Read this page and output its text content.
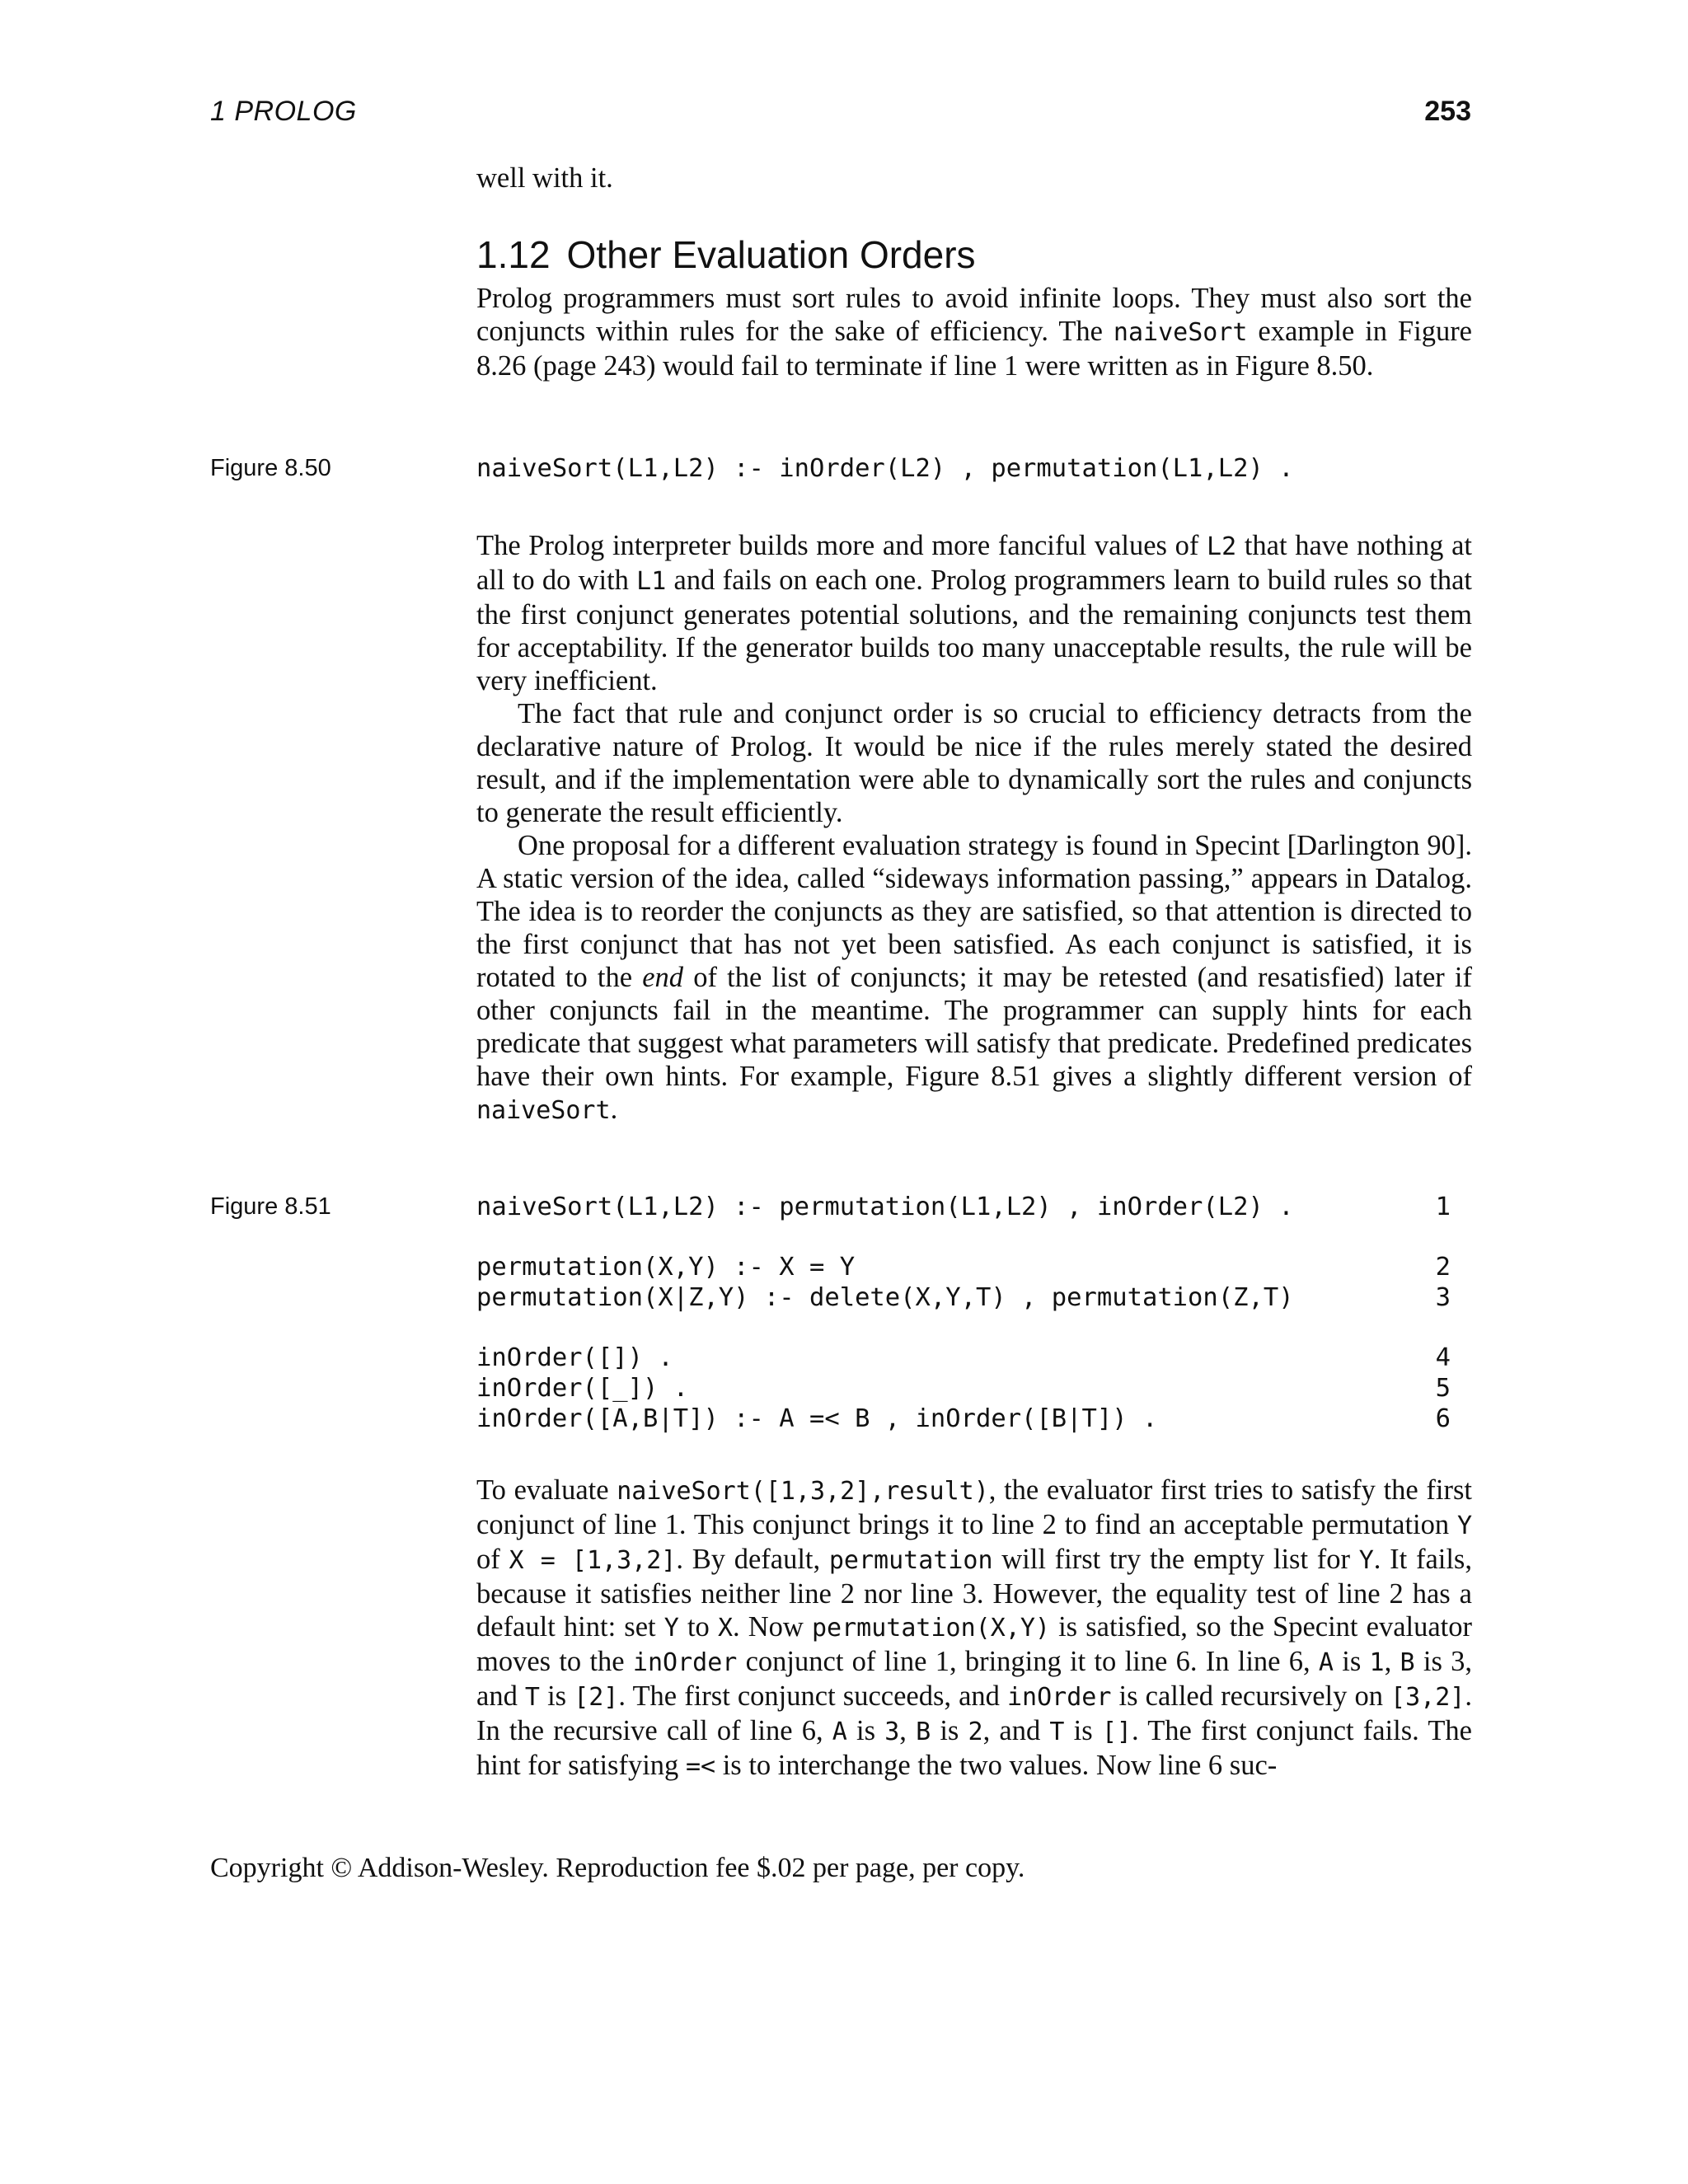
1 PROLOG	253

well with it.

1.12 Other Evaluation Orders

Prolog programmers must sort rules to avoid infinite loops. They must also sort the conjuncts within rules for the sake of efficiency. The naiveSort example in Figure 8.26 (page 243) would fail to terminate if line 1 were written as in Figure 8.50.

Figure 8.50	naiveSort(L1,L2) :- inOrder(L2) , permutation(L1,L2) .

The Prolog interpreter builds more and more fanciful values of L2 that have nothing at all to do with L1 and fails on each one. Prolog programmers learn to build rules so that the first conjunct generates potential solutions, and the remaining conjuncts test them for acceptability. If the generator builds too many unacceptable results, the rule will be very inefficient.

The fact that rule and conjunct order is so crucial to efficiency detracts from the declarative nature of Prolog. It would be nice if the rules merely stated the desired result, and if the implementation were able to dynamically sort the rules and conjuncts to generate the result efficiently.

One proposal for a different evaluation strategy is found in Specint [Darlington 90]. A static version of the idea, called “sideways information passing,” appears in Datalog. The idea is to reorder the conjuncts as they are satisfied, so that attention is directed to the first conjunct that has not yet been satisfied. As each conjunct is satisfied, it is rotated to the end of the list of conjuncts; it may be retested (and resatisfied) later if other conjuncts fail in the meantime. The programmer can supply hints for each predicate that suggest what parameters will satisfy that predicate. Predefined predicates have their own hints. For example, Figure 8.51 gives a slightly different version of naiveSort.

Figure 8.51	naiveSort(L1,L2) :- permutation(L1,L2) , inOrder(L2) .	1
permutation(X,Y) :- X = Y	2
permutation(X|Z,Y) :- delete(X,Y,T) , permutation(Z,T)	3
inOrder([]) .	4
inOrder([_]) .	5
inOrder([A,B|T]) :- A =< B , inOrder([B|T]) .	6

To evaluate naiveSort([1,3,2],result), the evaluator first tries to satisfy the first conjunct of line 1. This conjunct brings it to line 2 to find an acceptable permutation Y of X = [1,3,2]. By default, permutation will first try the empty list for Y. It fails, because it satisfies neither line 2 nor line 3. However, the equality test of line 2 has a default hint: set Y to X. Now permutation(X,Y) is satisfied, so the Specint evaluator moves to the inOrder conjunct of line 1, bringing it to line 6. In line 6, A is 1, B is 3, and T is [2]. The first conjunct succeeds, and inOrder is called recursively on [3,2]. In the recursive call of line 6, A is 3, B is 2, and T is []. The first conjunct fails. The hint for satisfying =< is to interchange the two values. Now line 6 suc-

Copyright © Addison-Wesley. Reproduction fee $.02 per page, per copy.
